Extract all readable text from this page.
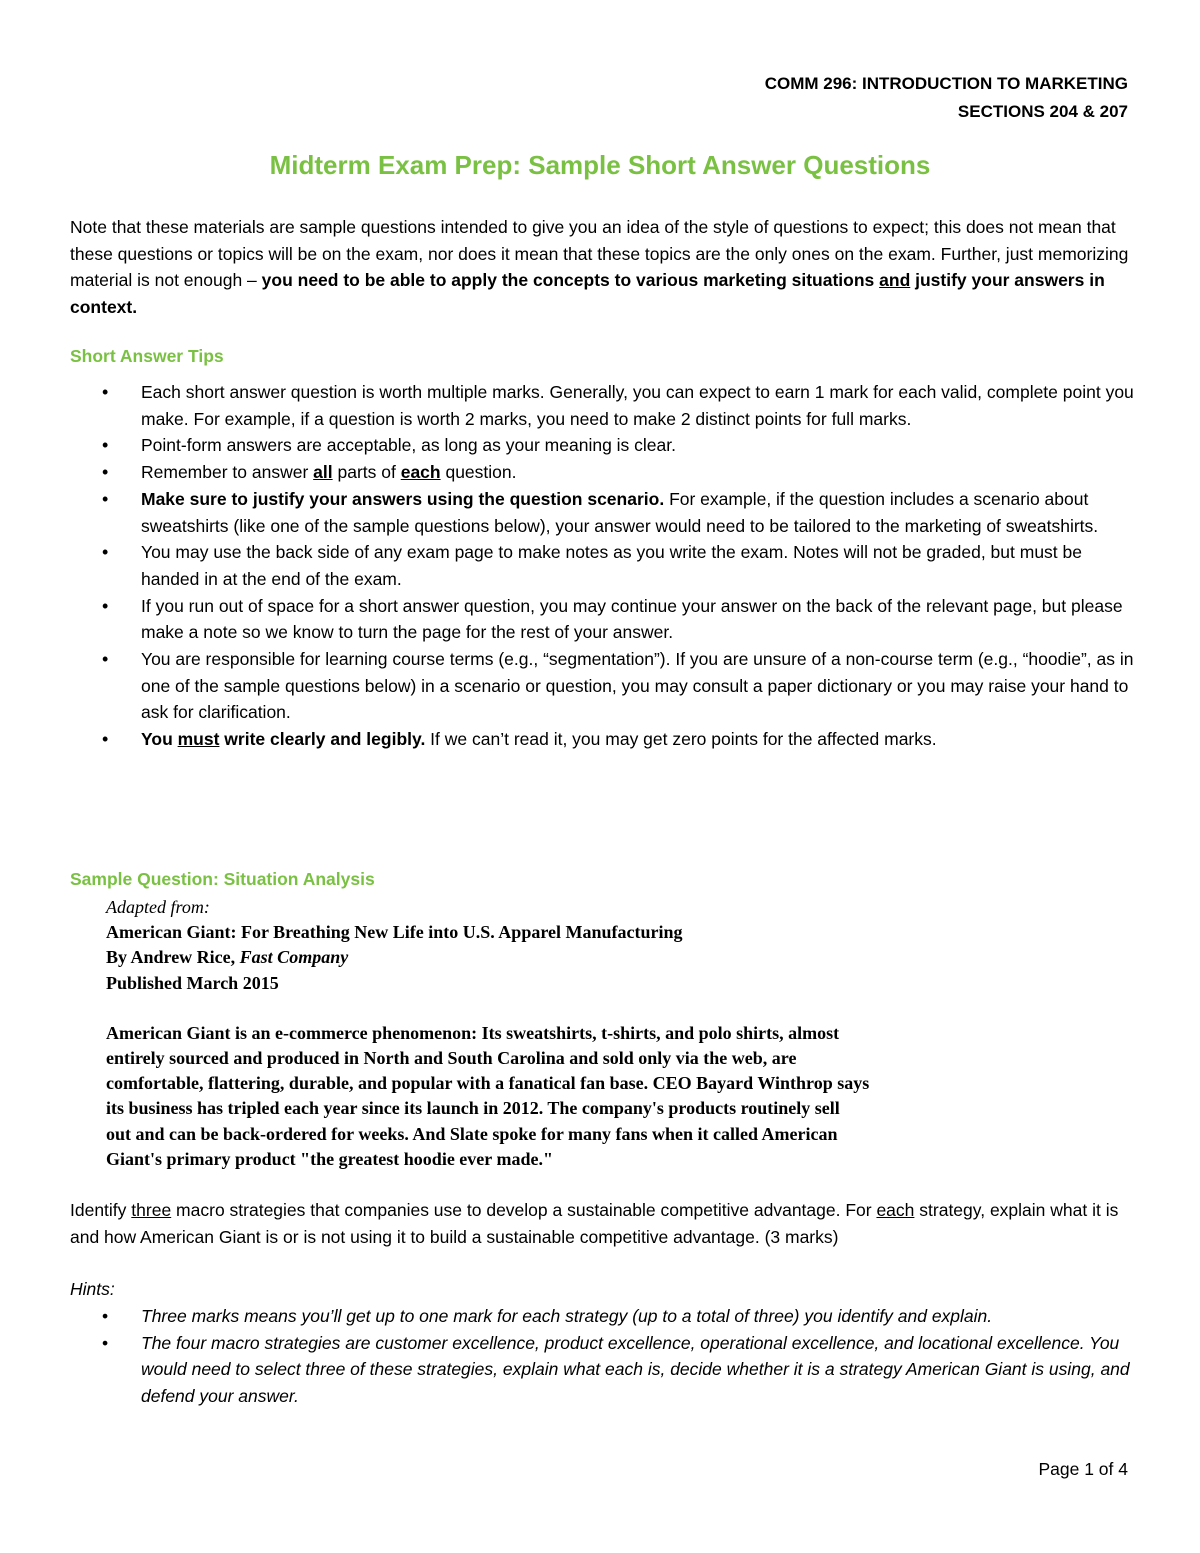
COMM 296: INTRODUCTION TO MARKETING
SECTIONS 204 & 207
Midterm Exam Prep: Sample Short Answer Questions

Note that these materials are sample questions intended to give you an idea of the style of questions to expect; this does not mean that these questions or topics will be on the exam, nor does it mean that these topics are the only ones on the exam. Further, just memorizing material is not enough – you need to be able to apply the concepts to various marketing situations and justify your answers in context.

Short Answer Tips
• Each short answer question is worth multiple marks. Generally, you can expect to earn 1 mark for each valid, complete point you make. For example, if a question is worth 2 marks, you need to make 2 distinct points for full marks.
• Point-form answers are acceptable, as long as your meaning is clear.
• Remember to answer all parts of each question.
• Make sure to justify your answers using the question scenario. For example, if the question includes a scenario about sweatshirts (like one of the sample questions below), your answer would need to be tailored to the marketing of sweatshirts.
• You may use the back side of any exam page to make notes as you write the exam. Notes will not be graded, but must be handed in at the end of the exam.
• If you run out of space for a short answer question, you may continue your answer on the back of the relevant page, but please make a note so we know to turn the page for the rest of your answer.
• You are responsible for learning course terms (e.g., “segmentation”). If you are unsure of a non-course term (e.g., “hoodie”, as in one of the sample questions below) in a scenario or question, you may consult a paper dictionary or you may raise your hand to ask for clarification.
• You must write clearly and legibly. If we can’t read it, you may get zero points for the affected marks.
Sample Question: Situation Analysis
Adapted from:
American Giant: For Breathing New Life into U.S. Apparel Manufacturing
By Andrew Rice, Fast Company
Published March 2015
American Giant is an e-commerce phenomenon: Its sweatshirts, t-shirts, and polo shirts, almost
entirely sourced and produced in North and South Carolina and sold only via the web, are
comfortable, flattering, durable, and popular with a fanatical fan base. CEO Bayard Winthrop says
its business has tripled each year since its launch in 2012. The company's products routinely sell
out and can be back-ordered for weeks. And Slate spoke for many fans when it called American
Giant's primary product "the greatest hoodie ever made."

Identify three macro strategies that companies use to develop a sustainable competitive advantage. For each strategy, explain what it is and how American Giant is or is not using it to build a sustainable competitive advantage. (3 marks)

Hints:
• Three marks means you’ll get up to one mark for each strategy (up to a total of three) you identify and explain.
• The four macro strategies are customer excellence, product excellence, operational excellence, and locational excellence. You would need to select three of these strategies, explain what each is, decide whether it is a strategy American Giant is using, and defend your answer.
Page 1 of 4
